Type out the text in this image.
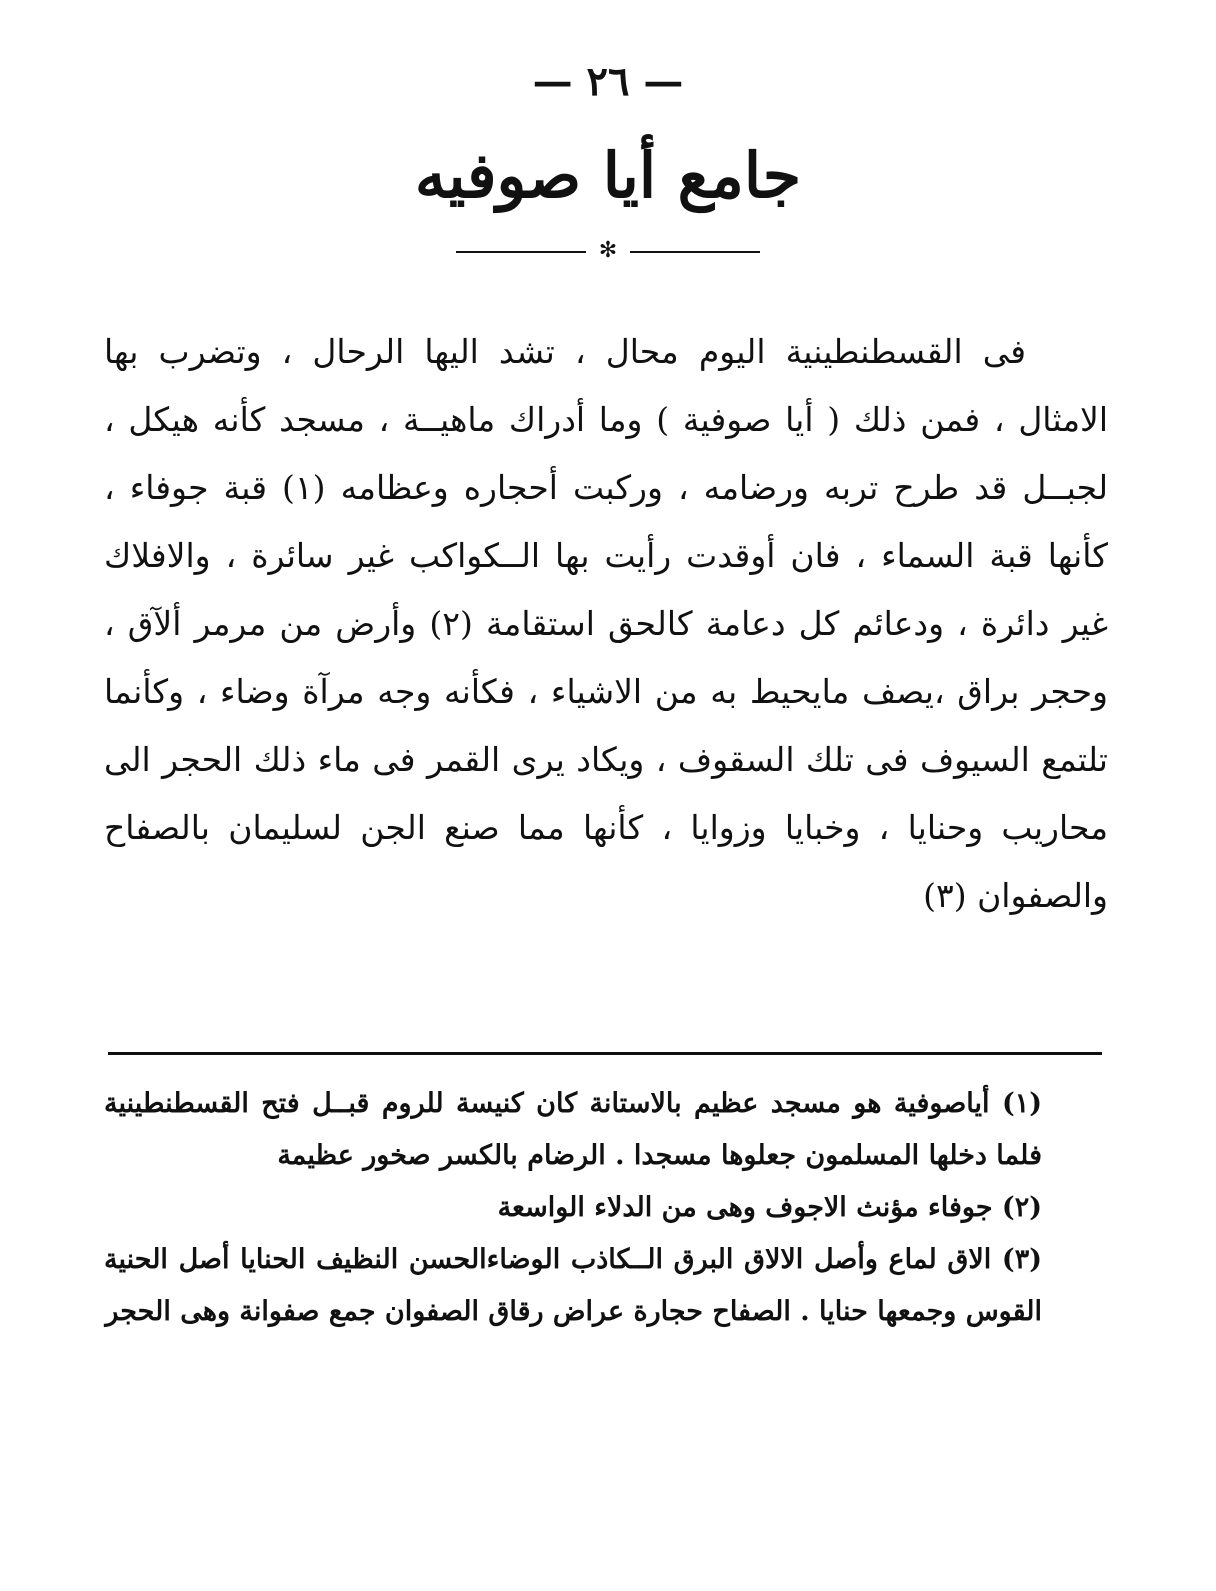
— ٢٦ —
جامع أيا صوفيه
✻

فى القسطنطينية اليوم محال ، تشد اليها الرحال ، وتضرب بها الامثال ، فمن ذلك ( أيا صوفية ) وما أدراك ماهيــة ، مسجد كأنه هيكل ، لجبــل قد طرح تربه ورضامه ، وركبت أحجاره وعظامه (١) قبة جوفاء ، كأنها قبة السماء ، فان أوقدت رأيت بها الــكواكب غير سائرة ، والافلاك غير دائرة ، ودعائم كل دعامة كالحق استقامة (٢) وأرض من مرمر ألآق ، وحجر براق ،يصف مايحيط به من الاشياء ، فكأنه وجه مرآة وضاء ، وكأنما تلتمع السيوف فى تلك السقوف ، ويكاد يرى القمر فى ماء ذلك الحجر الى محاريب وحنايا ، وخبايا وزوايا ، كأنها مما صنع الجن لسليمان بالصفاح والصفوان (٣)

(١) أياصوفية هو مسجد عظيم بالاستانة كان كنيسة للروم قبــل فتح القسطنطينية فلما دخلها المسلمون جعلوها مسجدا . الرضام بالكسر صخور عظيمة

(٢) جوفاء مؤنث الاجوف وهى من الدلاء الواسعة

(٣) الاق لماع وأصل الالاق البرق الــكاذب الوضاءالحسن النظيف الحنايا أصل الحنية القوس وجمعها حنايا . الصفاح حجارة عراض رقاق الصفوان جمع صفوانة وهى الحجر
